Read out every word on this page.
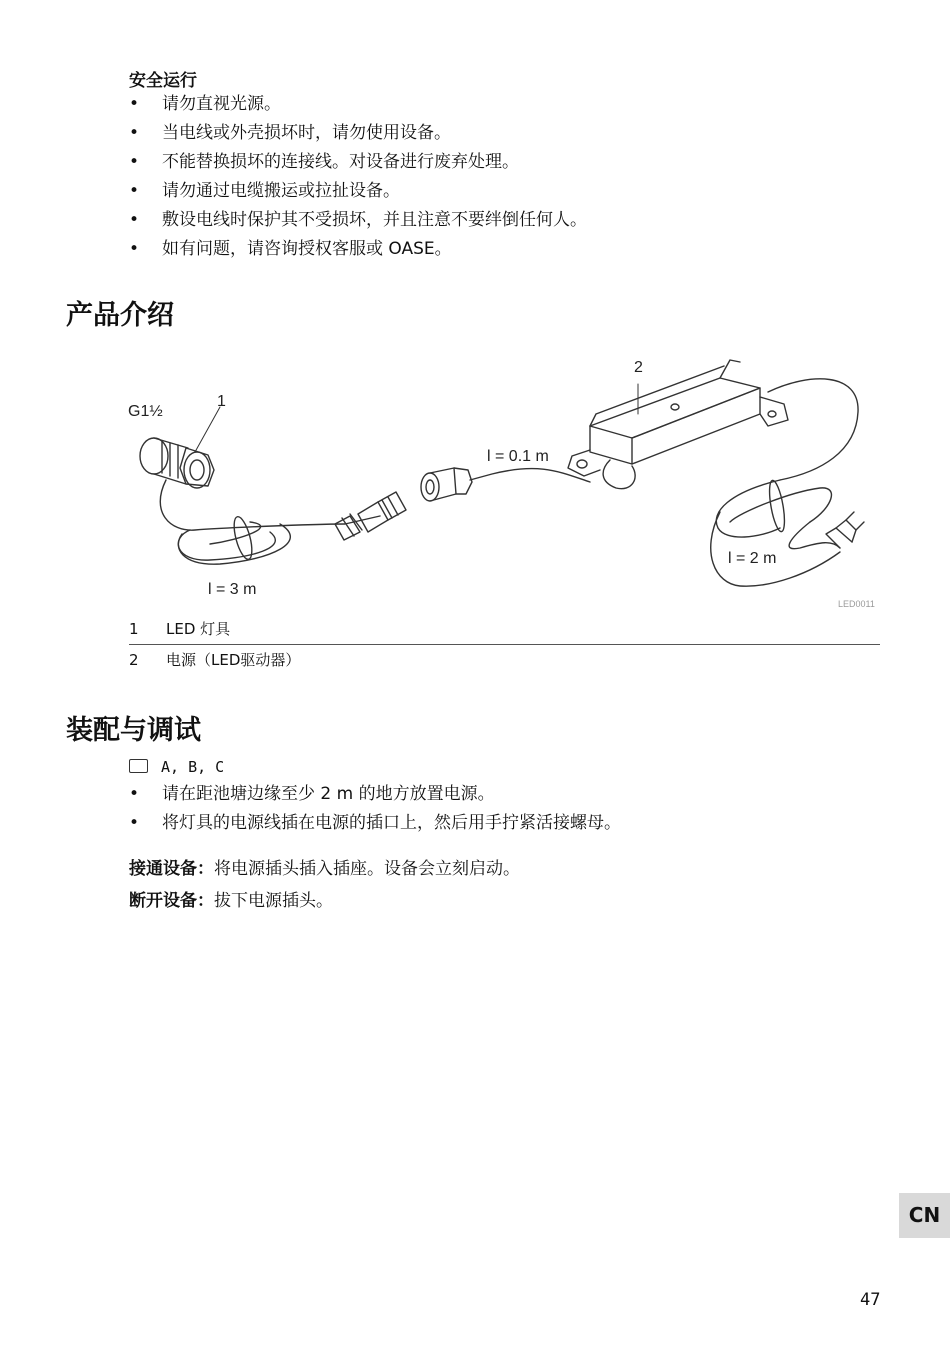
安全运行
• 请勿直视光源。
• 当电线或外壳损坏时，请勿使用设备。
• 不能替换损坏的连接线。对设备进行废弃处理。
• 请勿通过电缆搬运或拉扯设备。
• 敷设电线时保护其不受损坏，并且注意不要绊倒任何人。
• 如有问题，请咨询授权客服或 OASE。
产品介绍
G1½
1
2
l = 0.1 m
l = 3 m
l = 2 m
LED0011
1 LED 灯具
2 电源（LED驱动器）
装配与调试
A, B, C
• 请在距池塘边缘至少 2 m 的地方放置电源。
• 将灯具的电源线插在电源的插口上，然后用手拧紧活接螺母。
接通设备：将电源插头插入插座。设备会立刻启动。
断开设备：拔下电源插头。
CN
47
